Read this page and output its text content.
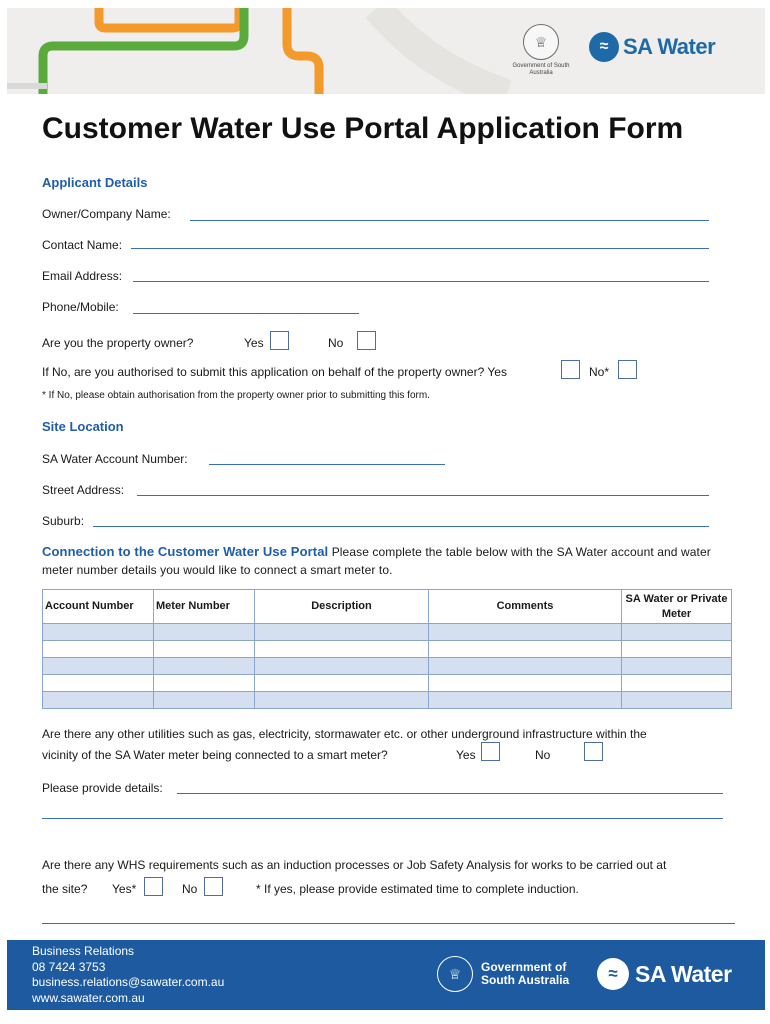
♕
Government of South Australia
≈ SA Water
Customer Water Use Portal Application Form
Applicant Details
Owner/Company Name:
Contact Name:
Email Address:
Phone/Mobile:
Are you the property owner?	Yes	No
If No, are you authorised to submit this application on behalf of the property owner? Yes	No*
* If No, please obtain authorisation from the property owner prior to submitting this form.
Site Location
SA Water Account Number:
Street Address:
Suburb:
Connection to the Customer Water Use Portal Please complete the table below with the SA Water account and water meter number details you would like to connect a smart meter to.
Account Number	Meter Number	Description	Comments	SA Water or Private Meter

Are there any other utilities such as gas, electricity, stormawater etc. or other underground infrastructure within the
vicinity of the SA Water meter being connected to a smart meter?	Yes	No
Please provide details:
Are there any WHS requirements such as an induction processes or Job Safety Analysis for works to be carried out at
the site? Yes*	No	* If yes, please provide estimated time to complete induction.
Business Relations
08 7424 3753
business.relations@sawater.com.au
www.sawater.com.au
♕	Government of
South Australia	≈ SA Water
